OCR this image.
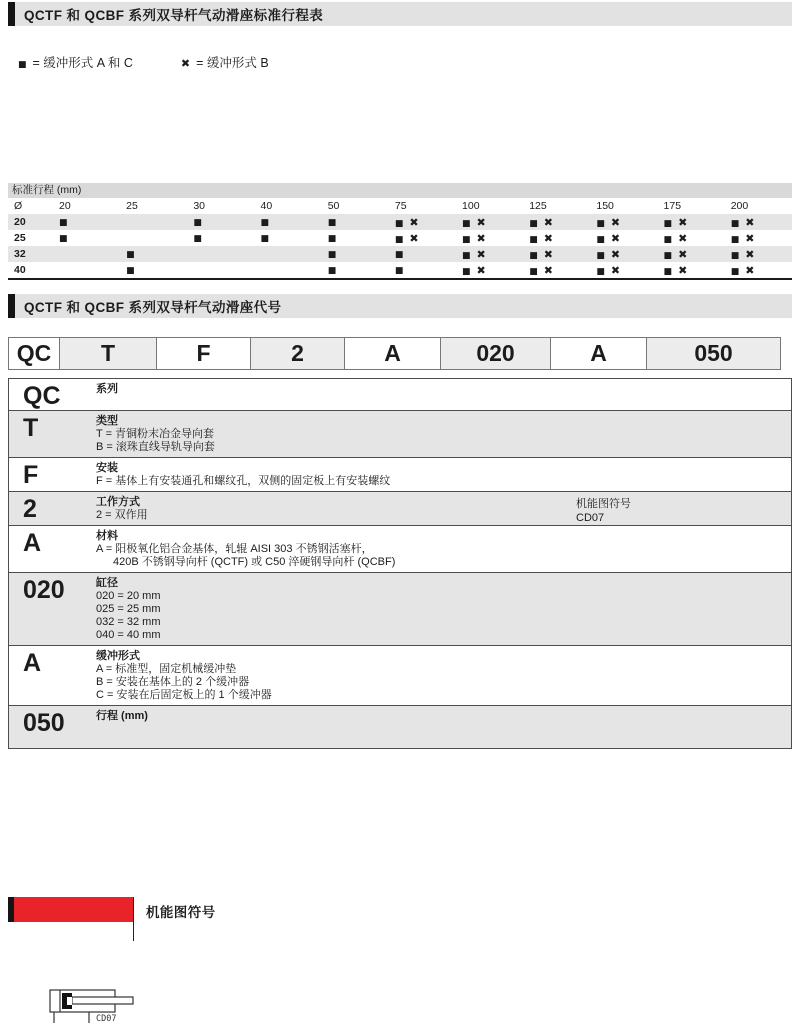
QCTF 和 QCBF 系列双导杆气动滑座标准行程表
■ = 缓冲形式 A 和 C	✖ = 缓冲形式 B
标准行程 (mm)
Ø	20	25	30	40	50	75	100	125	150	175	200
20	■		■	■	■	■ ✖	■ ✖	■ ✖	■ ✖	■ ✖	■ ✖
25	■		■	■	■	■ ✖	■ ✖	■ ✖	■ ✖	■ ✖	■ ✖
32		■			■	■	■ ✖	■ ✖	■ ✖	■ ✖	■ ✖
40		■			■	■	■ ✖	■ ✖	■ ✖	■ ✖	■ ✖
QCTF 和 QCBF 系列双导杆气动滑座代号
QC	T	F	2	A	020	A	050
QC	系列
T	类型
T = 青铜粉末冶金导向套
B = 滚珠直线导轨导向套
F	安装
F = 基体上有安装通孔和螺纹孔，双侧的固定板上有安装螺纹
2	工作方式
2 = 双作用
机能图符号
CD07
A	材料
A = 阳极氧化铝合金基体，轧辊 AISI 303 不锈钢活塞杆，
420B 不锈钢导向杆 (QCTF) 或 C50 淬硬钢导向杆 (QCBF)
020	缸径
020 = 20 mm
025 = 25 mm
032 = 32 mm
040 = 40 mm
A	缓冲形式
A = 标准型，固定机械缓冲垫
B = 安装在基体上的 2 个缓冲器
C = 安装在后固定板上的 1 个缓冲器
050	行程 (mm)
机能图符号
CD07
